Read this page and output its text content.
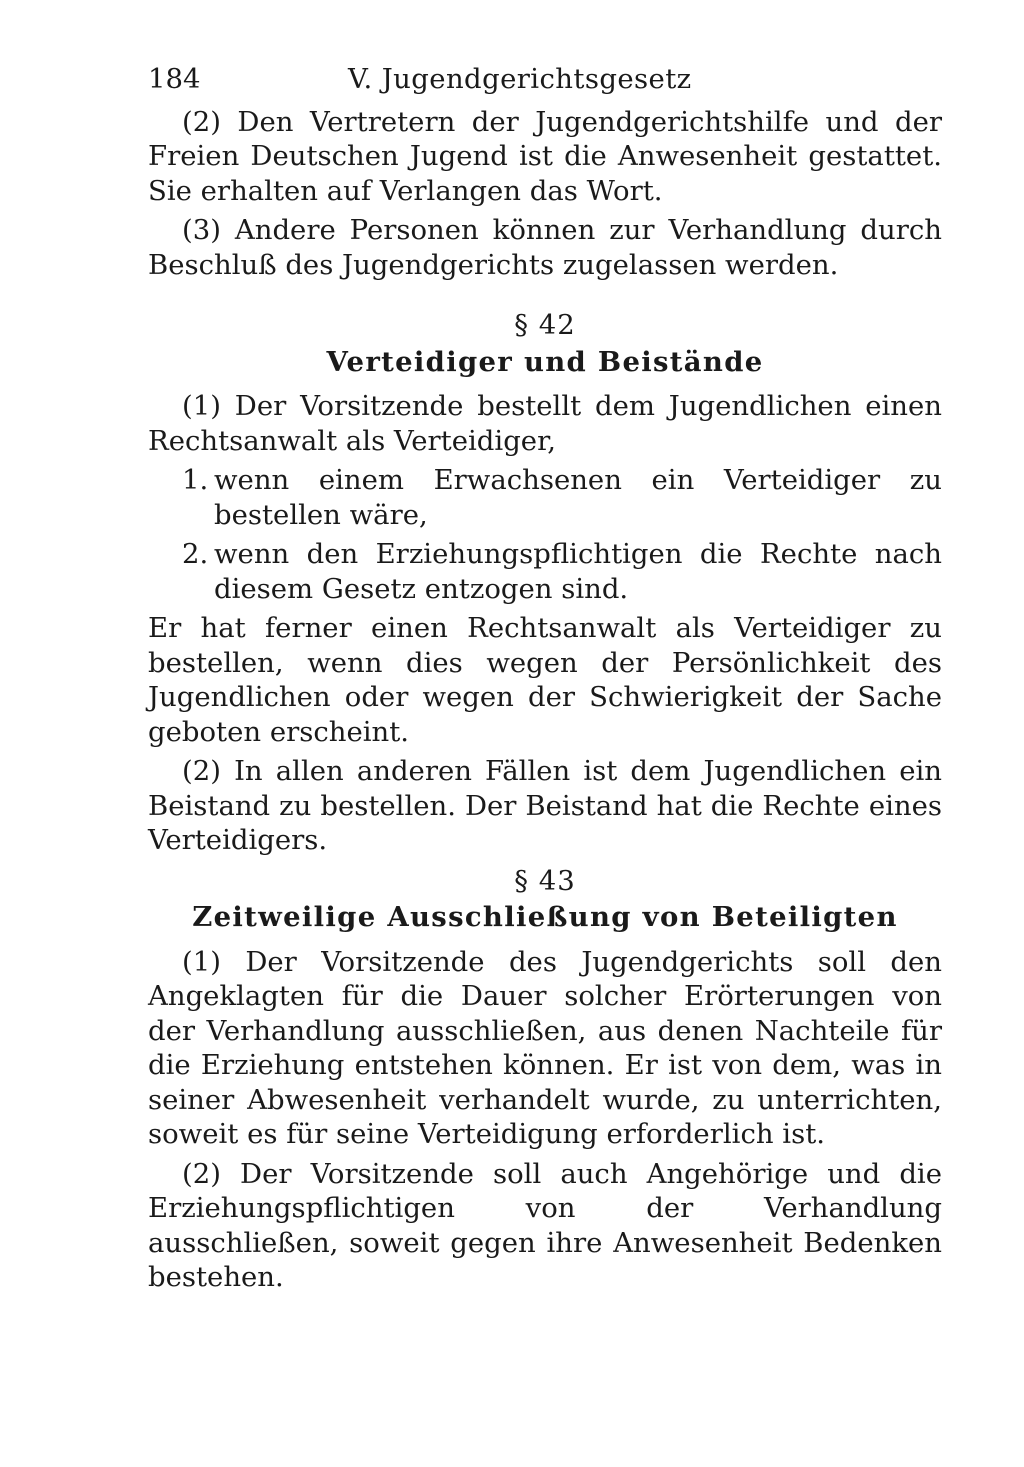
184	V. Jugendgerichtsgesetz

(2) Den Vertretern der Jugendgerichtshilfe und der Freien Deutschen Jugend ist die Anwesenheit gestattet. Sie erhalten auf Verlangen das Wort.

(3) Andere Personen können zur Verhandlung durch Beschluß des Jugendgerichts zugelassen werden.

§ 42
Verteidiger und Beistände

(1) Der Vorsitzende bestellt dem Jugendlichen einen Rechtsanwalt als Verteidiger,

1. wenn einem Erwachsenen ein Verteidiger zu bestellen wäre,
2. wenn den Erziehungspflichtigen die Rechte nach diesem Gesetz entzogen sind.

Er hat ferner einen Rechtsanwalt als Verteidiger zu bestellen, wenn dies wegen der Persönlichkeit des Jugendlichen oder wegen der Schwierigkeit der Sache geboten erscheint.

(2) In allen anderen Fällen ist dem Jugendlichen ein Beistand zu bestellen. Der Beistand hat die Rechte eines Verteidigers.

§ 43
Zeitweilige Ausschließung von Beteiligten

(1) Der Vorsitzende des Jugendgerichts soll den Angeklagten für die Dauer solcher Erörterungen von der Verhandlung ausschließen, aus denen Nachteile für die Erziehung entstehen können. Er ist von dem, was in seiner Abwesenheit verhandelt wurde, zu unterrichten, soweit es für seine Verteidigung erforderlich ist.

(2) Der Vorsitzende soll auch Angehörige und die Erziehungspflichtigen von der Verhandlung ausschließen, soweit gegen ihre Anwesenheit Bedenken bestehen.
